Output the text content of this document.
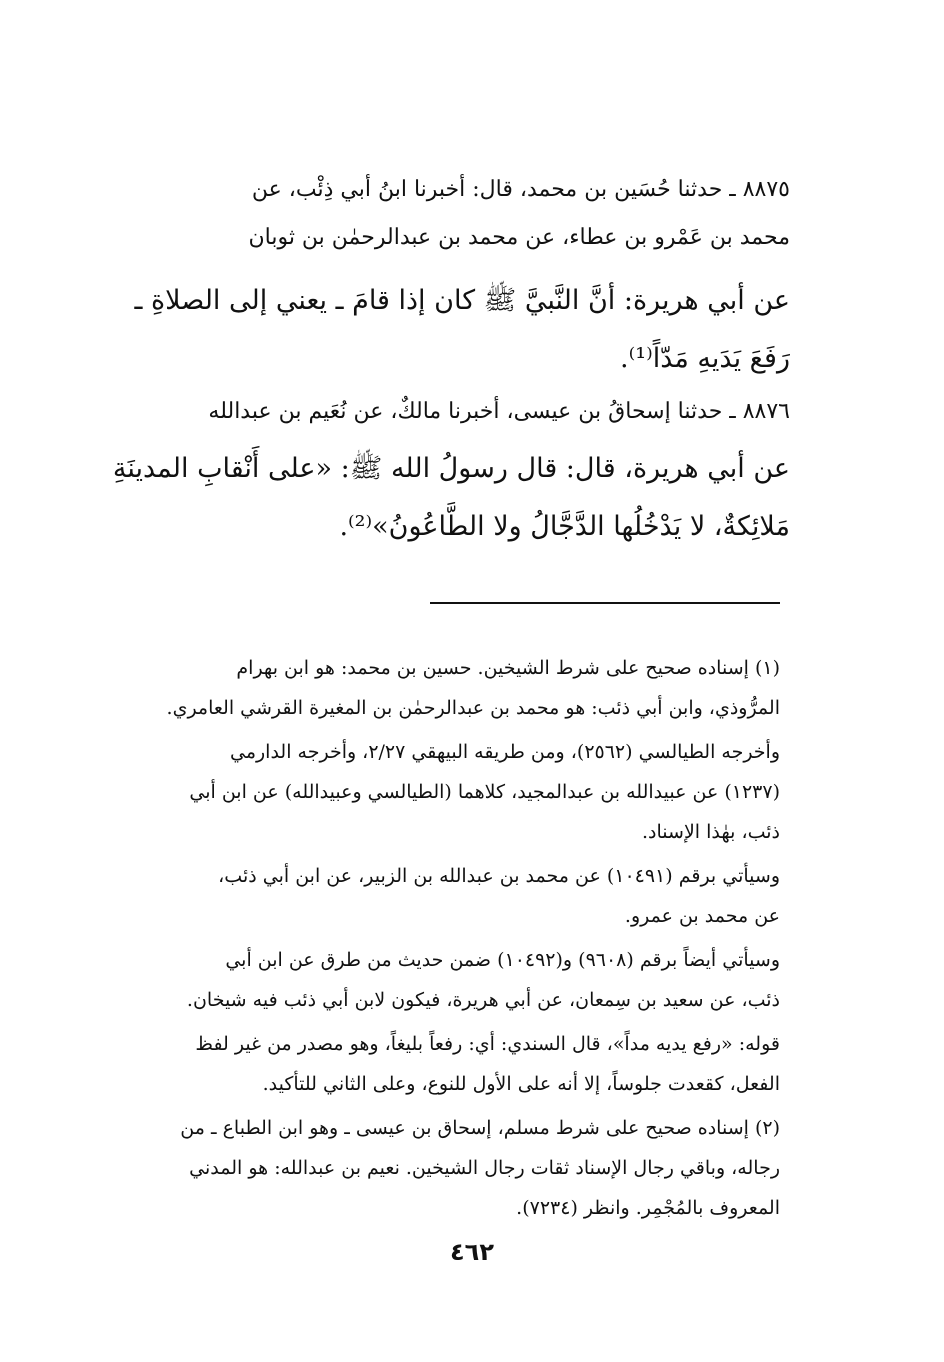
٨٨٧٥ ـ حدثنا حُسَين بن محمد، قال: أخبرنا ابنُ أبي ذِئْب، عن
محمد بن عَمْرو بن عطاء، عن محمد بن عبدالرحمٰن بن ثوبان
عن أبي هريرة: أنَّ النَّبيَّ ﷺ كان إذا قامَ ـ يعني إلى الصلاةِ ـ
رَفَعَ يَدَيهِ مَدّاً⁽¹⁾.
٨٨٧٦ ـ حدثنا إسحاقُ بن عيسى، أخبرنا مالكٌ، عن نُعَيم بن عبدالله
عن أبي هريرة، قال: قال رسولُ الله ﷺ: «على أَنْقابِ المدينَةِ
مَلائِكةٌ، لا يَدْخُلُها الدَّجَّالُ ولا الطَّاعُونُ»⁽²⁾.
(١) إسناده صحيح على شرط الشيخين. حسين بن محمد: هو ابن بهرام
المرُّوذي، وابن أبي ذئب: هو محمد بن عبدالرحمٰن بن المغيرة القرشي العامري.
وأخرجه الطيالسي (٢٥٦٢)، ومن طريقه البيهقي ٢/٢٧، وأخرجه الدارمي
(١٢٣٧) عن عبيدالله بن عبدالمجيد، كلاهما (الطيالسي وعبيدالله) عن ابن أبي
ذئب، بهٰذا الإسناد.
وسيأتي برقم (١٠٤٩١) عن محمد بن عبدالله بن الزبير، عن ابن أبي ذئب،
عن محمد بن عمرو.
وسيأتي أيضاً برقم (٩٦٠٨) و(١٠٤٩٢) ضمن حديث من طرق عن ابن أبي
ذئب، عن سعيد بن سِمعان، عن أبي هريرة، فيكون لابن أبي ذئب فيه شيخان.
قوله: «رفع يديه مداً»، قال السندي: أي: رفعاً بليغاً، وهو مصدر من غير لفظ
الفعل، كقعدت جلوساً، إلا أنه على الأول للنوع، وعلى الثاني للتأكيد.
(٢) إسناده صحيح على شرط مسلم، إسحاق بن عيسى ـ وهو ابن الطباع ـ من
رجاله، وباقي رجال الإسناد ثقات رجال الشيخين. نعيم بن عبدالله: هو المدني
المعروف بالمُجْمِر. وانظر (٧٢٣٤).
٤٦٢
